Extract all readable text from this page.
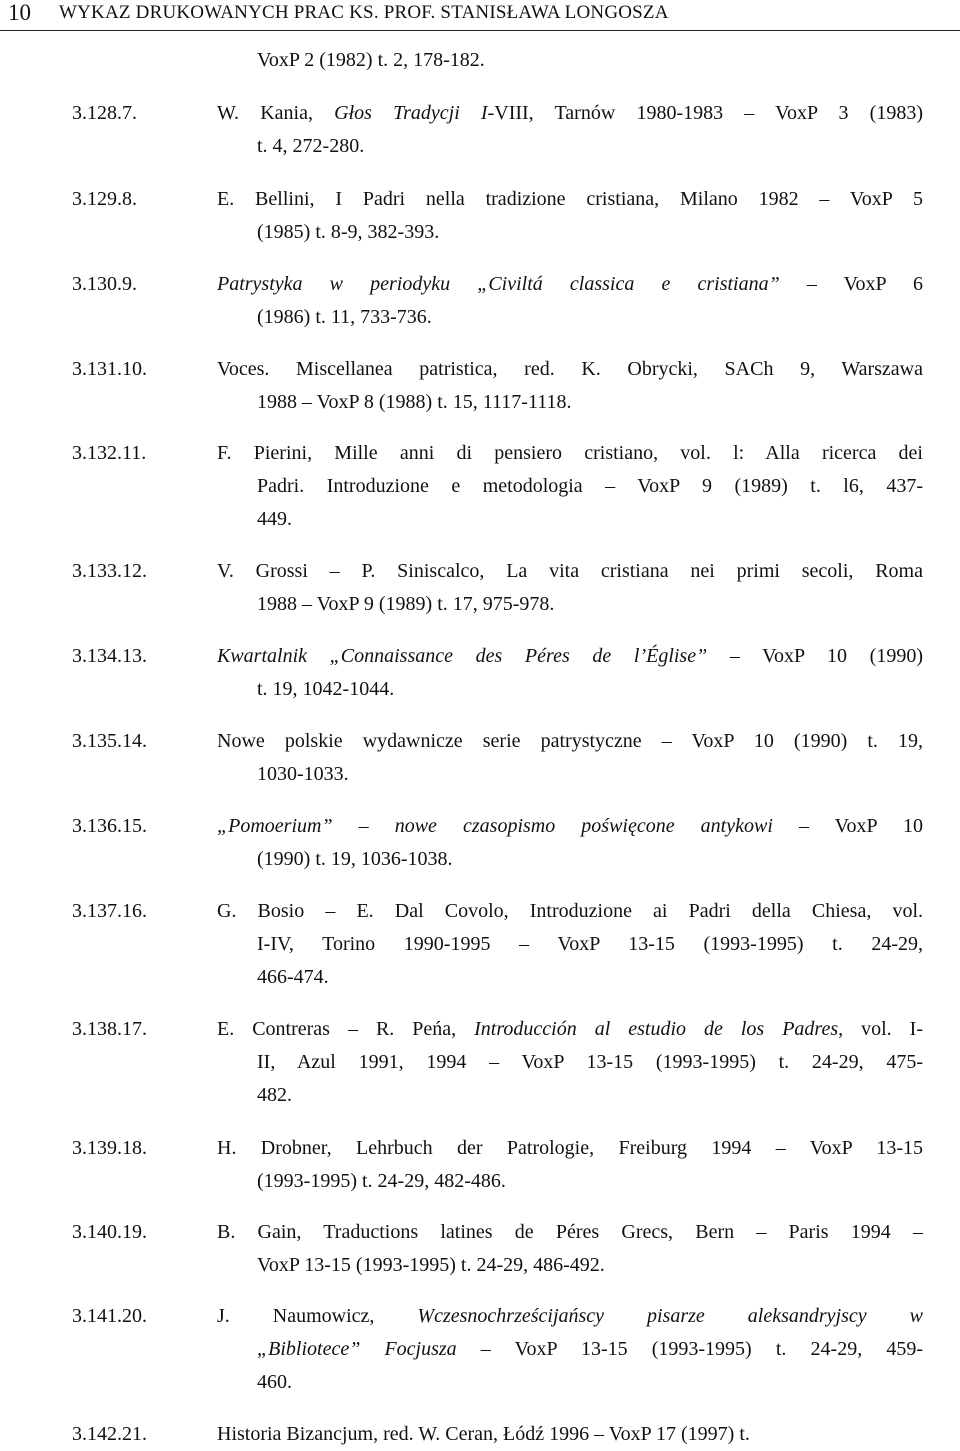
10 WYKAZ DRUKOWANYCH PRAC KS. PROF. STANISŁAWA LONGOSZA
VoxP 2 (1982) t. 2, 178-182.
3.128.7.	W. Kania, Głos Tradycji I-VIII, Tarnów 1980-1983 – VoxP 3 (1983)
t. 4, 272-280.
3.129.8.	E. Bellini, I Padri nella tradizione cristiana, Milano 1982 – VoxP 5
(1985) t. 8-9, 382-393.
3.130.9.	Patrystyka w periodyku „Civiltá classica e cristiana” – VoxP 6
(1986) t. 11, 733-736.
3.131.10.	Voces. Miscellanea patristica, red. K. Obrycki, SACh 9, Warszawa
1988 – VoxP 8 (1988) t. 15, 1117-1118.
3.132.11.	F. Pierini, Mille anni di pensiero cristiano, vol. l: Alla ricerca dei
Padri. Introduzione e metodologia – VoxP 9 (1989) t. l6, 437-
449.
3.133.12.	V. Grossi – P. Siniscalco, La vita cristiana nei primi secoli, Roma
1988 – VoxP 9 (1989) t. 17, 975-978.
3.134.13.	Kwartalnik „Connaissance des Péres de l’Église” – VoxP 10 (1990)
t. 19, 1042-1044.
3.135.14.	Nowe polskie wydawnicze serie patrystyczne – VoxP 10 (1990) t. 19,
1030-1033.
3.136.15.	„Pomoerium” – nowe czasopismo poświęcone antykowi – VoxP 10
(1990) t. 19, 1036-1038.
3.137.16.	G. Bosio – E. Dal Covolo, Introduzione ai Padri della Chiesa, vol.
I-IV, Torino 1990-1995 – VoxP 13-15 (1993-1995) t. 24-29,
466-474.
3.138.17.	E. Contreras – R. Peńa, Introducción al estudio de los Padres, vol. I-
II, Azul 1991, 1994 – VoxP 13-15 (1993-1995) t. 24-29, 475-
482.
3.139.18.	H. Drobner, Lehrbuch der Patrologie, Freiburg 1994 – VoxP 13-15
(1993-1995) t. 24-29, 482-486.
3.140.19.	B. Gain, Traductions latines de Péres Grecs, Bern – Paris 1994 –
VoxP 13-15 (1993-1995) t. 24-29, 486-492.
3.141.20.	J. Naumowicz, Wczesnochrześcijańscy pisarze aleksandryjscy w
„Bibliotece” Focjusza – VoxP 13-15 (1993-1995) t. 24-29, 459-
460.
3.142.21.	Historia Bizancjum, red. W. Ceran, Łódź 1996 – VoxP 17 (1997) t.
